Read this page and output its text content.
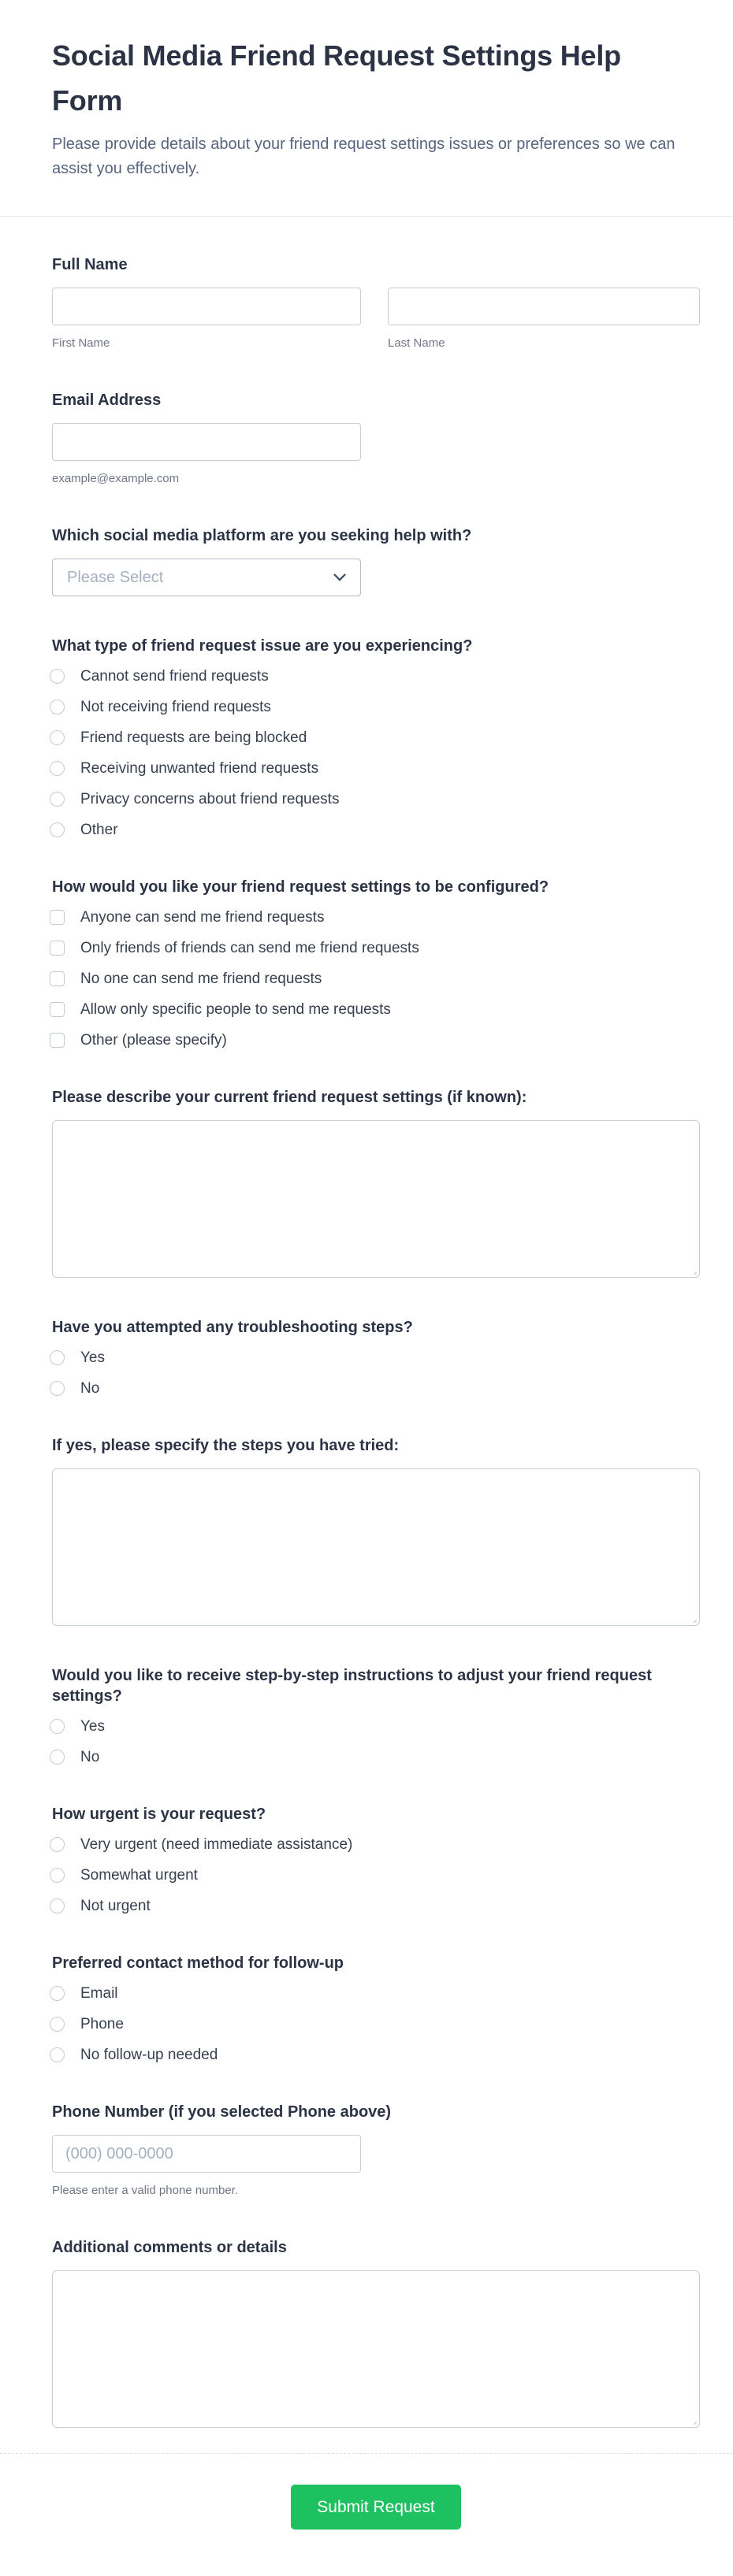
Social Media Friend Request Settings Help Form
Please provide details about your friend request settings issues or preferences so we can assist you effectively.
Full Name
First Name	Last Name
Email Address
example@example.com
Which social media platform are you seeking help with?
Please Select
What type of friend request issue are you experiencing?
Cannot send friend requests
Not receiving friend requests
Friend requests are being blocked
Receiving unwanted friend requests
Privacy concerns about friend requests
Other
How would you like your friend request settings to be configured?
Anyone can send me friend requests
Only friends of friends can send me friend requests
No one can send me friend requests
Allow only specific people to send me requests
Other (please specify)
Please describe your current friend request settings (if known):
Have you attempted any troubleshooting steps?
Yes
No
If yes, please specify the steps you have tried:
Would you like to receive step-by-step instructions to adjust your friend request settings?
Yes
No
How urgent is your request?
Very urgent (need immediate assistance)
Somewhat urgent
Not urgent
Preferred contact method for follow-up
Email
Phone
No follow-up needed
Phone Number (if you selected Phone above)
(000) 000-0000
Please enter a valid phone number.
Additional comments or details
Submit Request
